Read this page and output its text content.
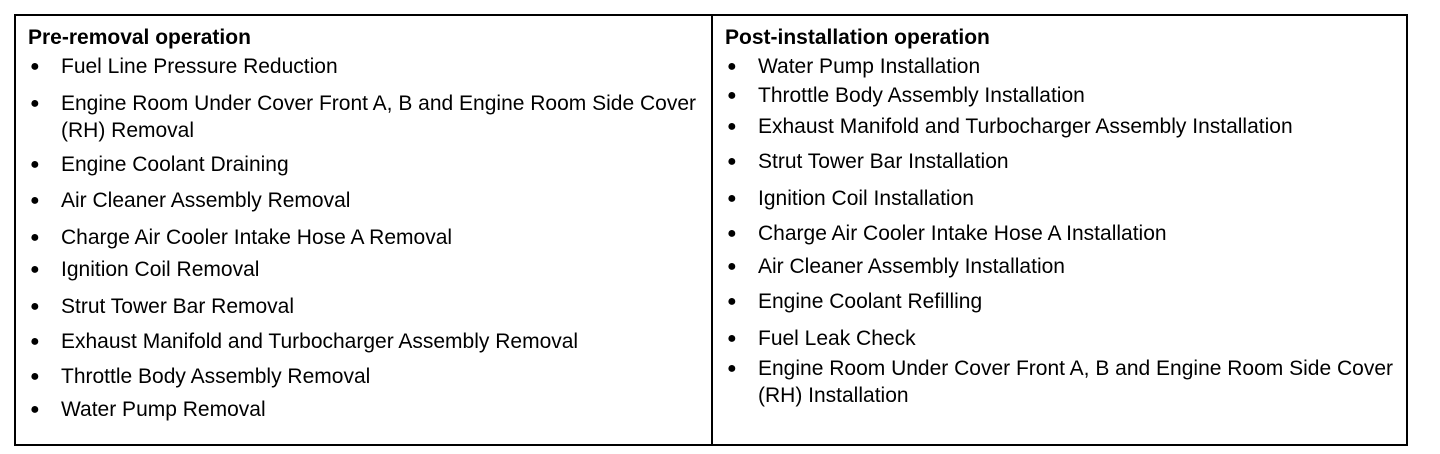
Pre-removal operation
●	Fuel Line Pressure Reduction
●	Engine Room Under Cover Front A, B and Engine Room Side Cover (RH) Removal
●	Engine Coolant Draining
●	Air Cleaner Assembly Removal
●	Charge Air Cooler Intake Hose A Removal
●	Ignition Coil Removal
●	Strut Tower Bar Removal
●	Exhaust Manifold and Turbocharger Assembly Removal
●	Throttle Body Assembly Removal
●	Water Pump Removal
Post-installation operation
●	Water Pump Installation
●	Throttle Body Assembly Installation
●	Exhaust Manifold and Turbocharger Assembly Installation
●	Strut Tower Bar Installation
●	Ignition Coil Installation
●	Charge Air Cooler Intake Hose A Installation
●	Air Cleaner Assembly Installation
●	Engine Coolant Refilling
●	Fuel Leak Check
●	Engine Room Under Cover Front A, B and Engine Room Side Cover (RH) Installation
